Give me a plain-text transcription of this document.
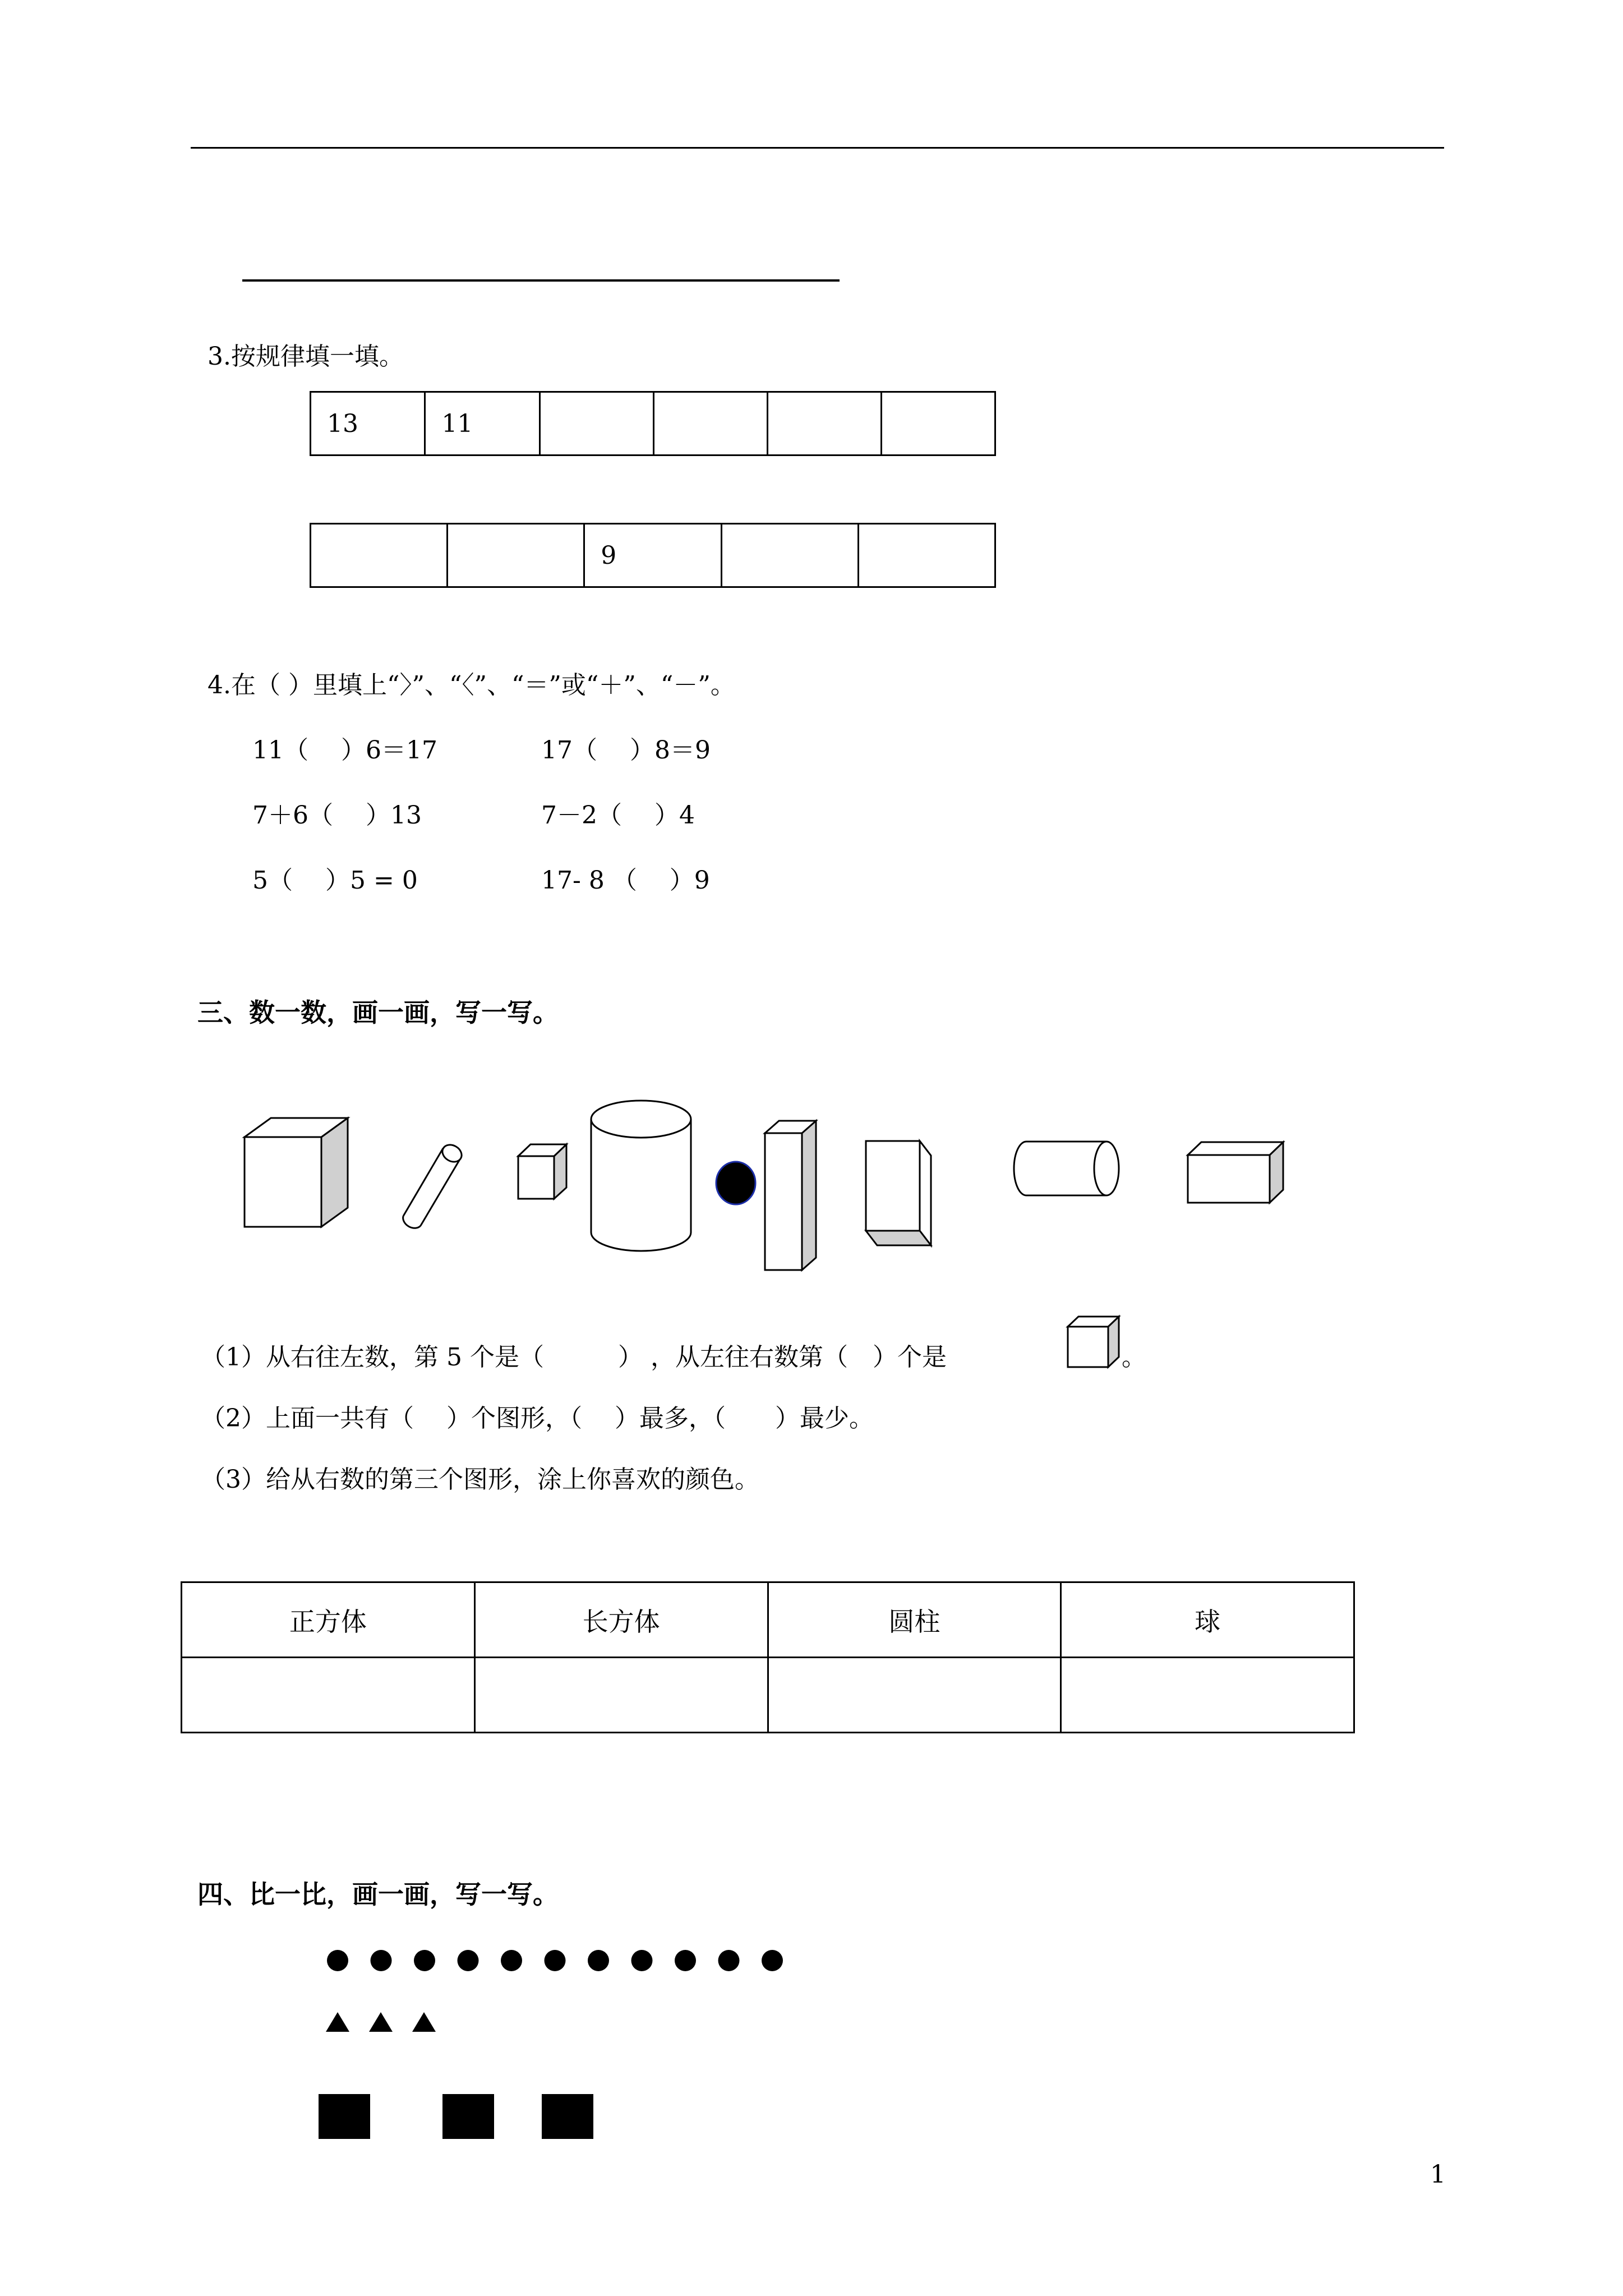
3.按规律填一填。
13	11				
		9		
4.在（ ）里填上“〉”、“〈”、“＝”或“＋”、“－”。
11（　 ）6＝17	17（　 ）8＝9
7＋6（　 ）13	7－2（　 ）4
5（　 ）5 = 0	17- 8 （　 ）9
三、数一数，画一画，写一写。
（1）从右往左数，第 5 个是（　　　） ，从左往右数第（　）个是	。
（2）上面一共有（　 ）个图形，（　 ）最多，（　　）最少。
（3）给从右数的第三个图形，涂上你喜欢的颜色。
正方体	长方体	圆柱	球

四、比一比，画一画，写一写。
1
